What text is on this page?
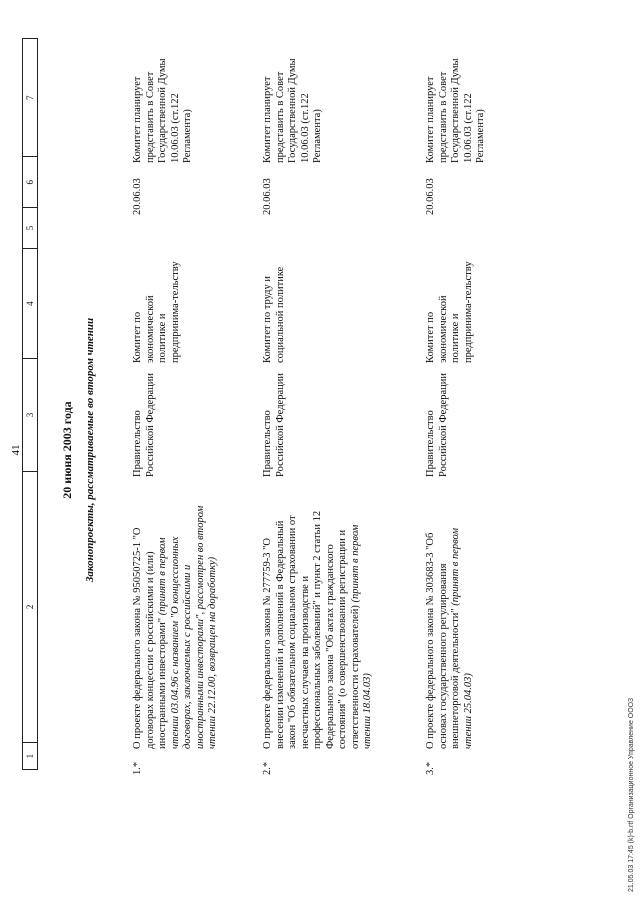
41
1
2
3
4
5
6
7
20 июня 2003 года Законопроекты, рассматриваемые во втором чтении
1.*
О проекте федерального закона № 95050725-1 "О договорах концессии с российскими и (или) иностранными инвесторами" (принят в первом чтении 03.04.96 с названием "О концессионных договорах, заключаемых с российскими и иностранными инвесторами", рассмотрен во втором чтении 22.12.00, возвращен на доработку)
Правительство Российской Федерации
Комитет по экономической политике и предпринима-тельству
20.06.03
Комитет планирует представить в Совет Государственной Думы 10.06.03 (ст.122 Регламента)
2.*
О проекте федерального закона № 277759-3 "О внесении изменений и дополнений в Федеральный закон "Об обязательном социальном страховании от несчастных случаев на производстве и профессиональных заболеваний" и пункт 2 статьи 12 Федерального закона "Об актах гражданского состояния" (о совершенствовании регистрации и ответственности страхователей) (принят в первом чтении 18.04.03)
Правительство Российской Федерации
Комитет по труду и социальной политике
20.06.03
Комитет планирует представить в Совет Государственной Думы 10.06.03 (ст.122 Регламента)
3.*
О проекте федерального закона № 303683-3 "Об основах государственного регулирования внешнеторговой деятельности" (принят в первом чтении 25.04.03)
Правительство Российской Федерации
Комитет по экономической политике и предпринима-тельству
20.06.03
Комитет планирует представить в Совет Государственной Думы 10.06.03 (ст.122 Регламента)
21.05.03 17:45 (k)-b.rtf Организационное Управление ООО3
